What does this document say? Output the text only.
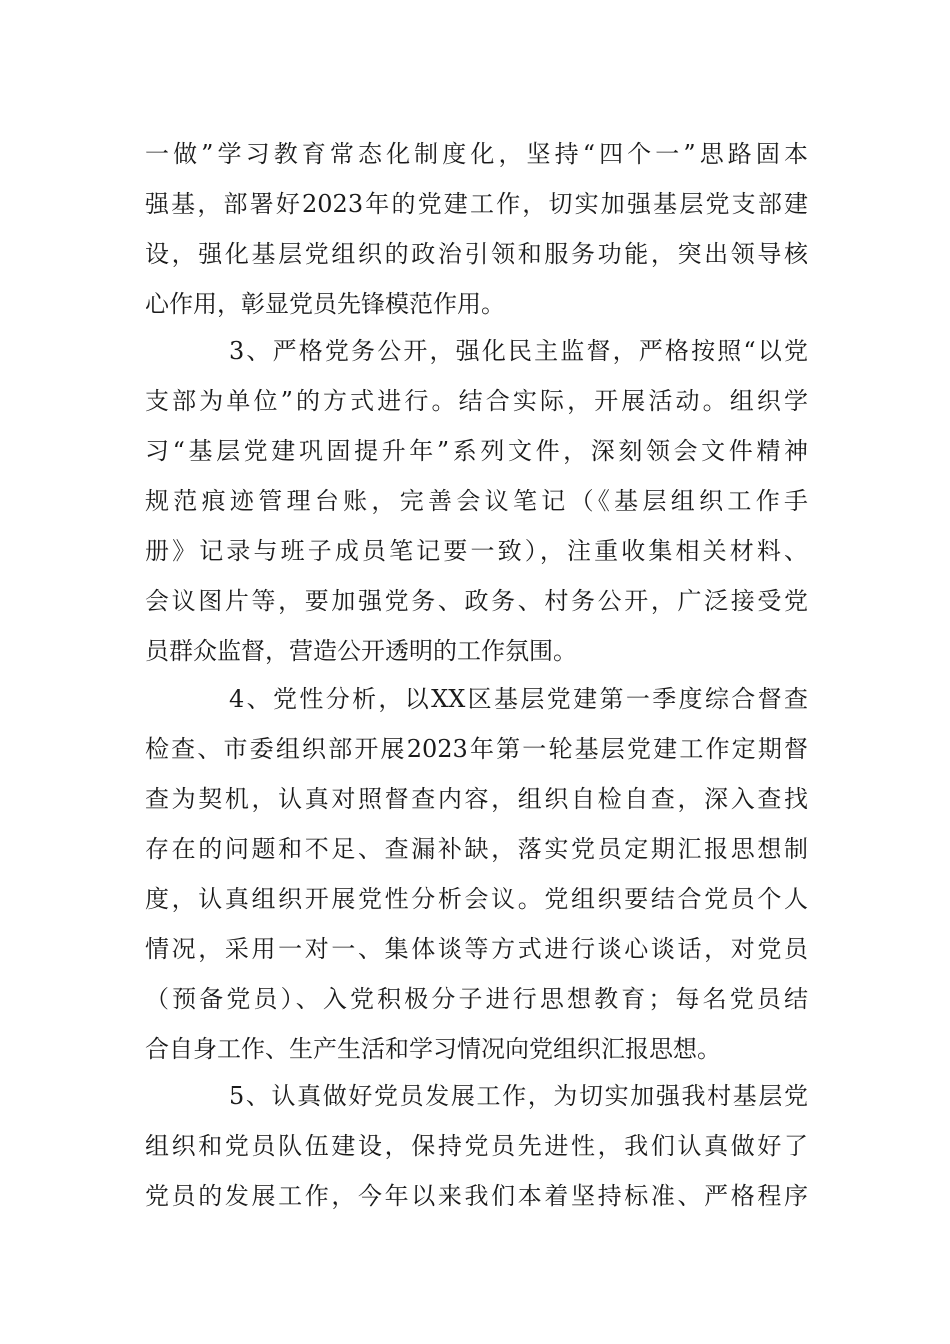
一做”学习教育常态化制度化，坚持“四个一”思路固本
强基，部署好2023年的党建工作，切实加强基层党支部建
设，强化基层党组织的政治引领和服务功能，突出领导核
心作用，彰显党员先锋模范作用。
3、严格党务公开，强化民主监督，严格按照“以党
支部为单位”的方式进行。结合实际，开展活动。组织学
习“基层党建巩固提升年”系列文件，深刻领会文件精神
规范痕迹管理台账，完善会议笔记（《基层组织工作手
册》记录与班子成员笔记要一致），注重收集相关材料、
会议图片等，要加强党务、政务、村务公开，广泛接受党
员群众监督，营造公开透明的工作氛围。
4、党性分析，以XX区基层党建第一季度综合督查
检查、市委组织部开展2023年第一轮基层党建工作定期督
查为契机，认真对照督查内容，组织自检自查，深入查找
存在的问题和不足、查漏补缺，落实党员定期汇报思想制
度，认真组织开展党性分析会议。党组织要结合党员个人
情况，采用一对一、集体谈等方式进行谈心谈话，对党员
（预备党员）、入党积极分子进行思想教育；每名党员结
合自身工作、生产生活和学习情况向党组织汇报思想。
5、认真做好党员发展工作，为切实加强我村基层党
组织和党员队伍建设，保持党员先进性，我们认真做好了
党员的发展工作，今年以来我们本着坚持标准、严格程序
